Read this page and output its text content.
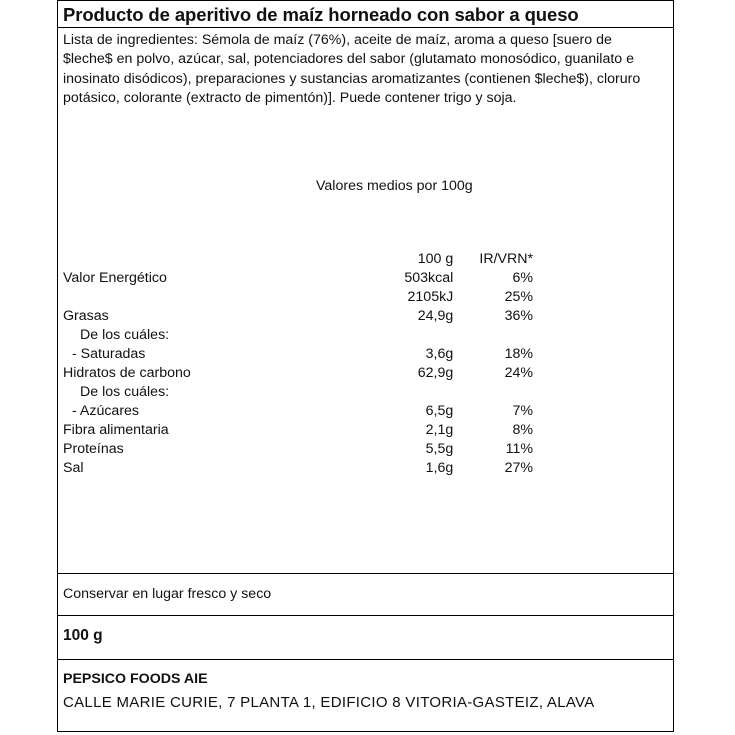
Producto de aperitivo de maíz horneado con sabor a queso

Lista de ingredientes: Sémola de maíz (76%), aceite de maíz, aroma a queso [suero de $leche$ en polvo, azúcar, sal, potenciadores del sabor (glutamato monosódico, guanilato e inosinato disódicos), preparaciones y sustancias aromatizantes (contienen $leche$), cloruro potásico, colorante (extracto de pimentón)]. Puede contener trigo y soja.

Valores medios por 100g

	100 g	IR/VRN*
Valor Energético	503kcal	6%
	2105kJ	25%
Grasas	24,9g	36%
De los cuáles:		
- Saturadas	3,6g	18%
Hidratos de carbono	62,9g	24%
De los cuáles:		
- Azúcares	6,5g	7%
Fibra alimentaria	2,1g	8%
Proteínas	5,5g	11%
Sal	1,6g	27%

Conservar en lugar fresco y seco

100 g

PEPSICO FOODS AIE

CALLE MARIE CURIE, 7 PLANTA 1, EDIFICIO 8 VITORIA-GASTEIZ, ALAVA
